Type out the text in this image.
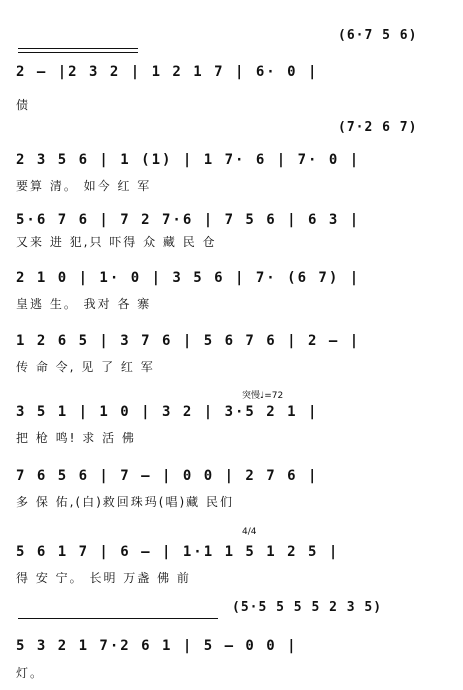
(6·7 5 6)
2 — |2 3 2 | 1 2 1 7 | 6· 0 |
债
(7·2 6 7)
2 3 5 6 | 1 (1) | 1 7· 6 | 7· 0 |
要算 清。 如今 红 军
5·6 7 6 | 7 2 7·6 | 7 5 6 | 6 3 |
又来 进 犯,只 吓得 众 藏 民 仓
2 1 0 | 1· 0 | 3 5 6 | 7· (6 7) |
皇逃 生。 我对 各 寨
1 2 6 5 | 3 7 6 | 5 6 7 6 | 2 — |
传 命 令, 见 了 红 军
突慢♩=72
3 5 1 | 1 0 | 3 2 | 3·5 2 1 |
把 枪 鸣! 求 活 佛
7 6 5 6 | 7 — | 0 0 | 2 7 6 |
多 保 佑,(白)救回珠玛(唱)藏 民们
4/4
5 6 1 7 | 6 — | 1·1 1 5 1 2 5 |
得 安 宁。 长明 万盏 佛 前
(5·5 5 5 5 2 3 5)
5 3 2 1 7·2 6 1 | 5 — 0 0 |
灯。
